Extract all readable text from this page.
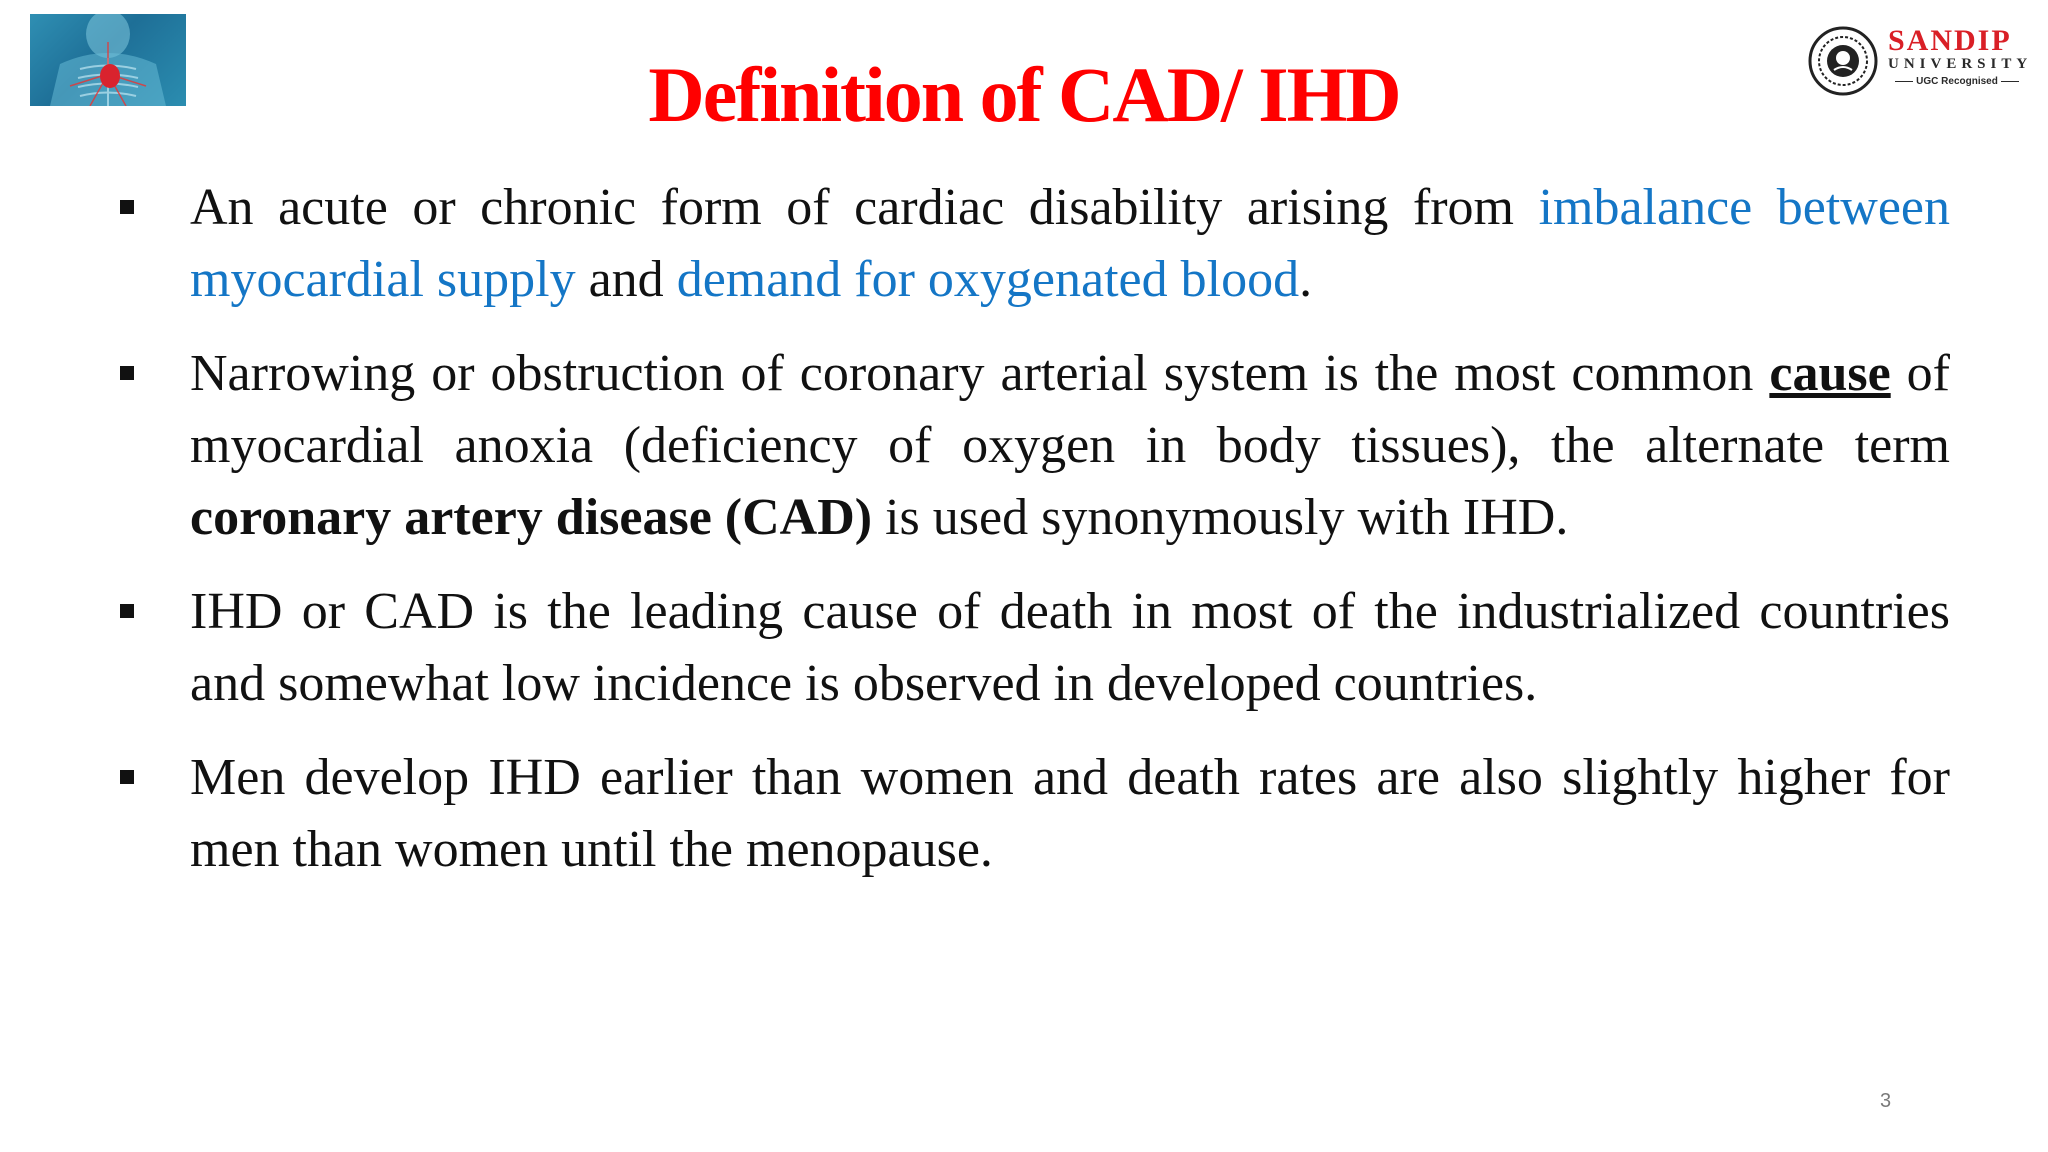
Definition of CAD/ IHD
SANDIP
UNIVERSITY
UGC Recognised
An acute or chronic form of cardiac disability arising from imbalance between myocardial supply and demand for oxygenated blood.
Narrowing or obstruction of coronary arterial system is the most common cause of myocardial anoxia (deficiency of oxygen in body tissues), the alternate term coronary artery disease (CAD) is used synonymously with IHD.
IHD or CAD is the leading cause of death in most of the industrialized countries and somewhat low incidence is observed in developed countries.
Men develop IHD earlier than women and death rates are also slightly higher for men than women until the menopause.
3
